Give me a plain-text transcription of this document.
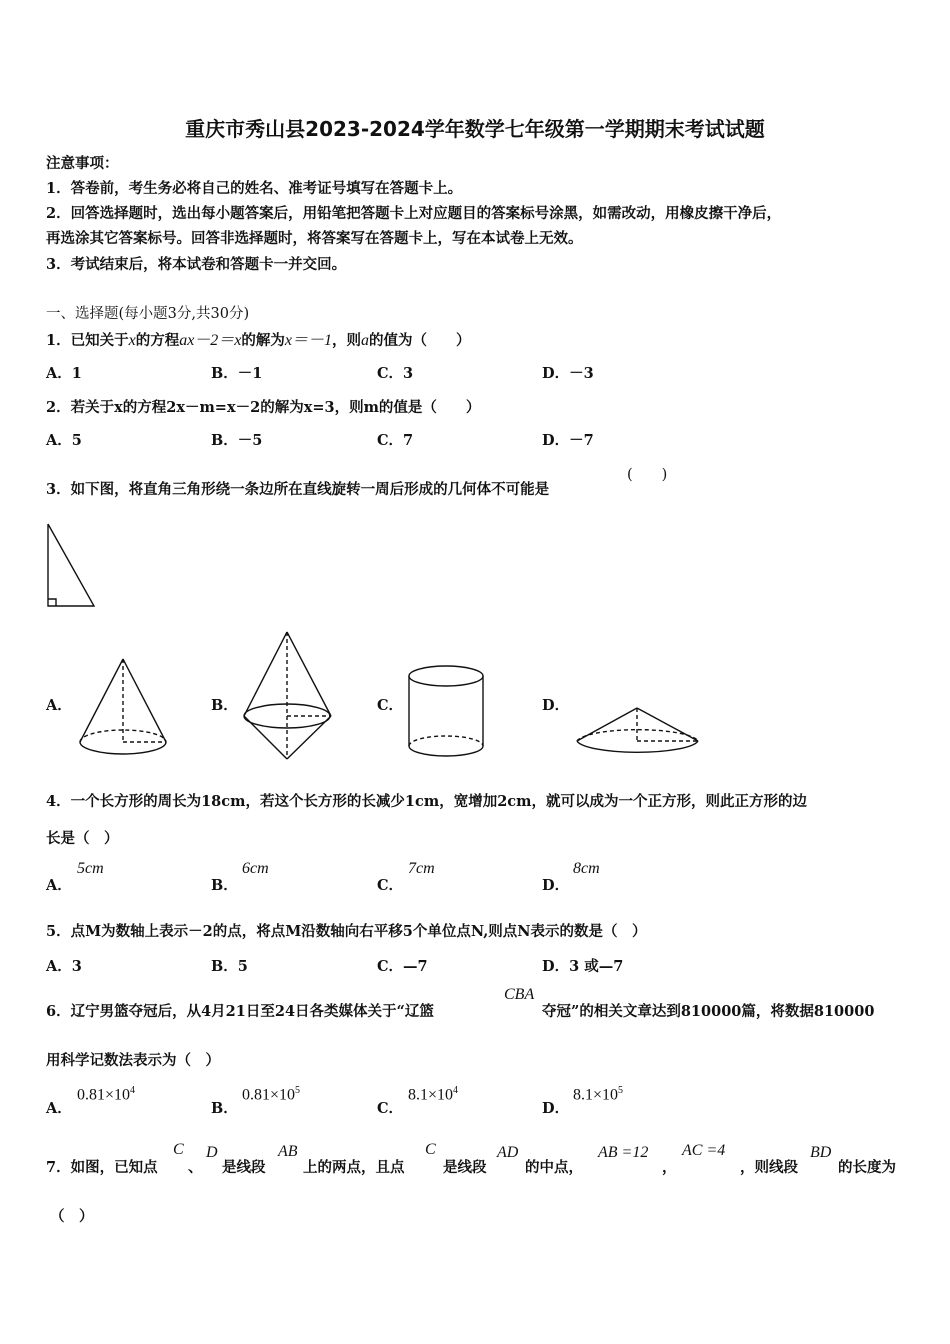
重庆市秀山县2023-2024学年数学七年级第一学期期末考试试题
注意事项：
1．答卷前，考生务必将自己的姓名、准考证号填写在答题卡上。
2．回答选择题时，选出每小题答案后，用铅笔把答题卡上对应题目的答案标号涂黑，如需改动，用橡皮擦干净后，
再选涂其它答案标号。回答非选择题时，将答案写在答题卡上，写在本试卷上无效。
3．考试结束后，将本试卷和答题卡一并交回。
一、选择题(每小题3分,共30分)
1．已知关于x的方程ax－2＝x的解为x＝－1，则a的值为（　　）
A．1	B．－1	C．3	D．－3
2．若关于x的方程2x－m=x－2的解为x=3，则m的值是（　　）
A．5	B．－5	C．7	D．－7
3．如下图，将直角三角形绕一条边所在直线旋转一周后形成的几何体不可能是
(　　)
A．	B．	C．	D．
4．一个长方形的周长为18cm，若这个长方形的长减少1cm，宽增加2cm，就可以成为一个正方形，则此正方形的边
长是（　）
A．
5cm
B．
6cm
C．
7cm
D．
8cm
5．点M为数轴上表示－2的点，将点M沿数轴向右平移5个单位点N,则点N表示的数是（　）
A．3	B．5	C．—7	D．3 或—7
6．辽宁男篮夺冠后，从4月21日至24日各类媒体关于“辽篮
CBA
夺冠”的相关文章达到810000篇，将数据810000
用科学记数法表示为（　）
A．
$0.81\times 10^4$
B．
$0.81\times 10^5$
C．
$8.1\times 10^4$
D．
$8.1\times 10^5$
7．如图，已知点
C
、
D
是线段
AB
上的两点，且点
C
是线段
AD
的中点，
AB =12
，
AC =4
，则线段
BD
的长度为
（　）
